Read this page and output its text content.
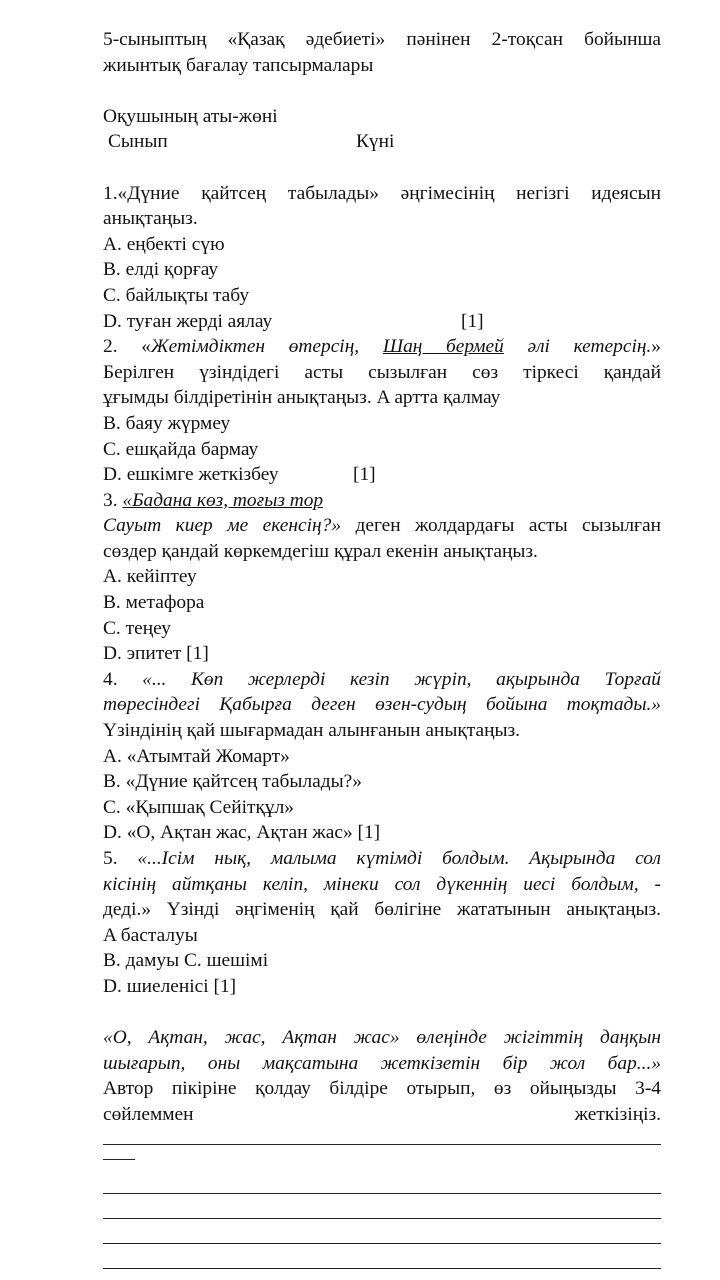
5-сыныптың «Қазақ әдебиеті» пәнінен 2-тоқсан бойынша

жиынтық бағалау тапсырмалары

Оқушының аты-жөні

Сынып	Күні

1.«Дүние қайтсең табылады» әңгімесінің негізгі идеясын

анықтаңыз.

A. еңбекті сүю

B. елді қорғау

C. байлықты табу

D. туған жерді аялау	[1]

2. «Жетімдіктен өтерсің, Шаң бермей әлі кетерсің.»

Берілген үзіндідегі асты сызылған сөз тіркесі қандай

ұғымды білдіретінін анықтаңыз. A артта қалмау

B. баяу жүрмеу

C. ешқайда бармау

D. ешкімге жеткізбеу	[1]

3. «Бадана көз, тоғыз тор

Сауыт киер ме екенсің?» деген жолдардағы асты сызылған

сөздер қандай көркемдегіш құрал екенін анықтаңыз.

A. кейіптеу

B. метафора

C. теңеу

D. эпитет [1]

4. «... Көп жерлерді кезіп жүріп, ақырында Торғай

төресіндегі Қабырға деген өзен-судың бойына тоқтады.»

Үзіндінің қай шығармадан алынғанын анықтаңыз.

A. «Атымтай Жомарт»

B. «Дүние қайтсең табылады?»

C. «Қыпшақ Сейітқұл»

D. «О, Ақтан жас, Ақтан жас» [1]

5. «...Ісім нық, малыма күтімді болдым. Ақырында сол

кісінің айтқаны келіп, мінеки сол дүкеннің иесі болдым, -

деді.» Үзінді әңгіменің қай бөлігіне жататынын анықтаңыз.

A басталуы

B. дамуы C. шешімі

D. шиеленісі [1]

«О, Ақтан, жас, Ақтан жас» өлеңінде жігіттің даңқын

шығарып, оны мақсатына жеткізетін бір жол бар...»

Автор пікіріне қолдау білдіре отырып, өз ойыңызды 3-4

сөйлеммен	жеткізіңіз.
